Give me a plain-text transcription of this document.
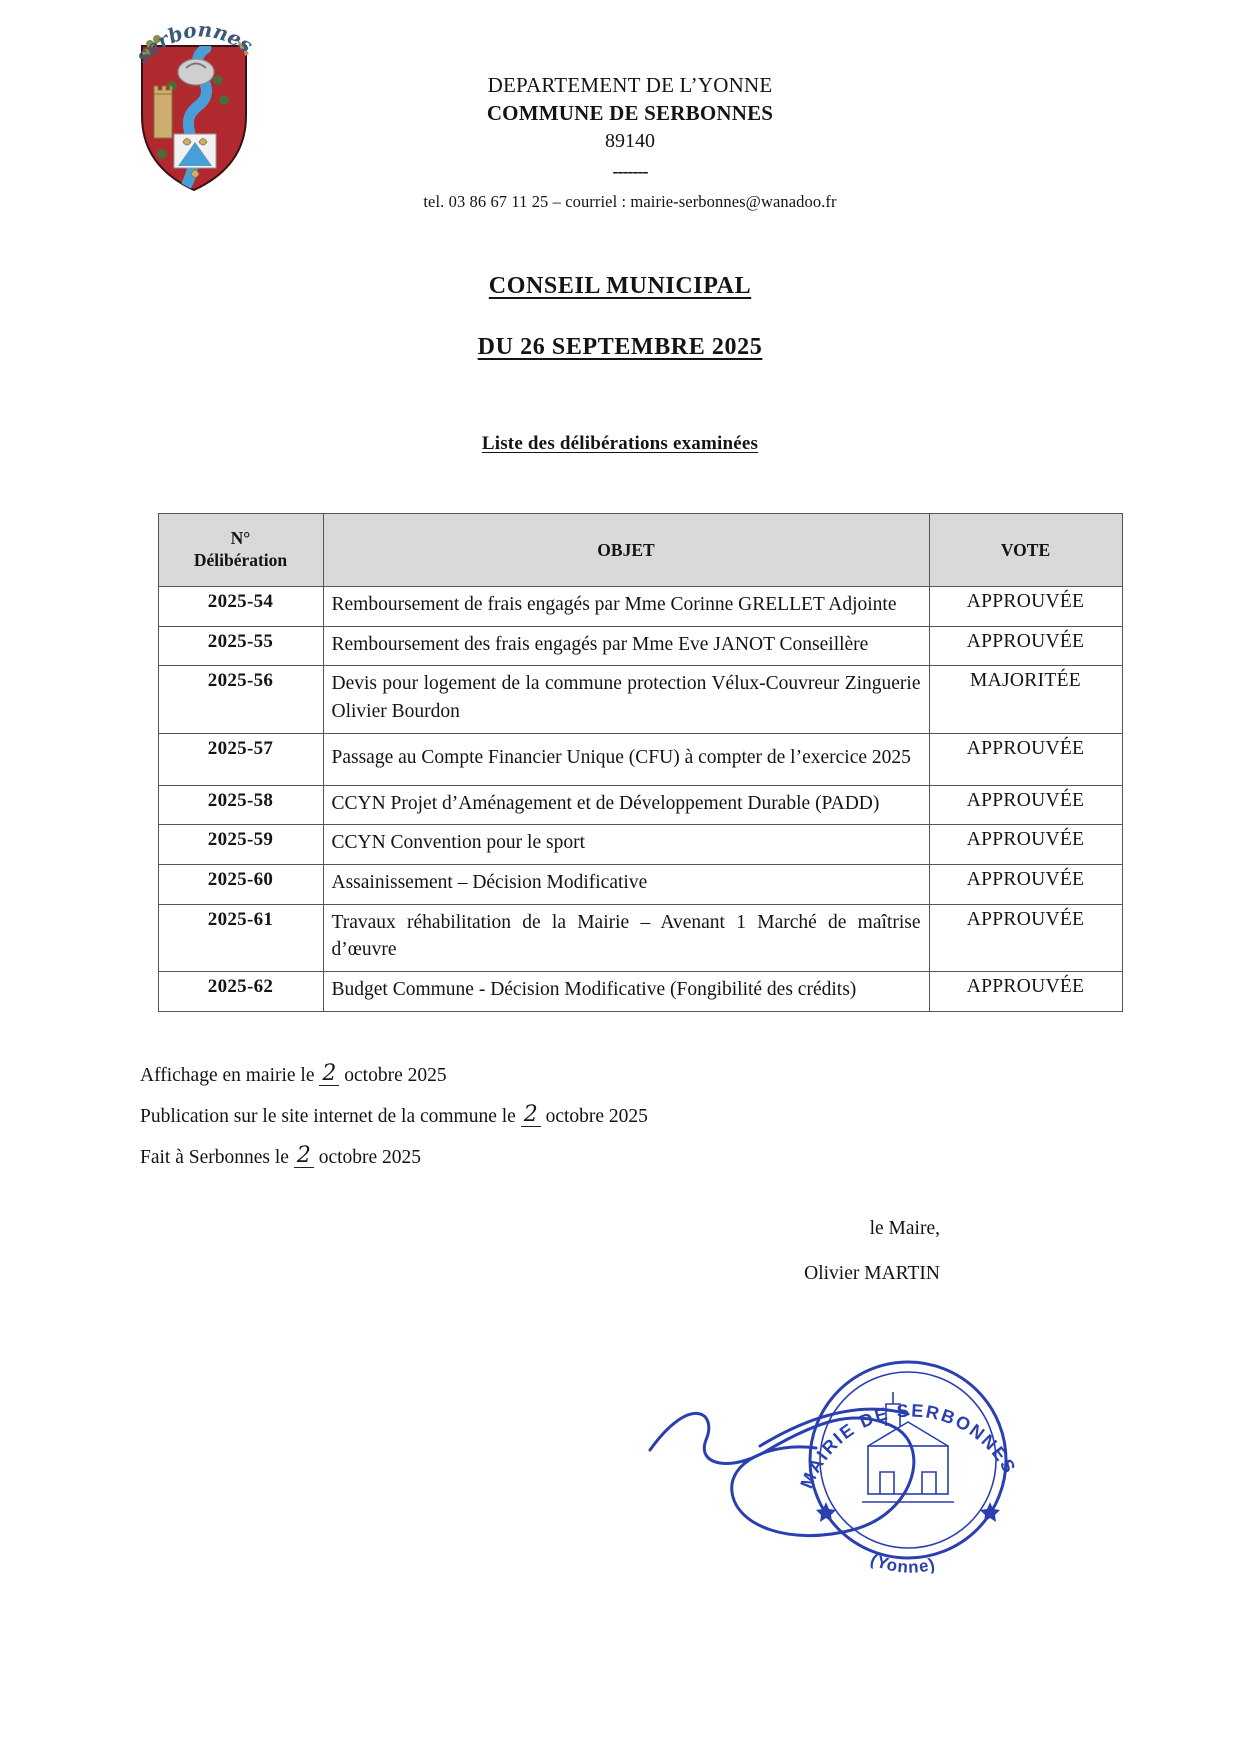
serbonnes
DEPARTEMENT DE L’YONNE
COMMUNE DE SERBONNES
89140
-------
tel. 03 86 67 11 25 – courriel : mairie-serbonnes@wanadoo.fr
CONSEIL MUNICIPAL
DU 26 SEPTEMBRE 2025
Liste des délibérations examinées
N°
Délibération	OBJET	VOTE
2025-54	Remboursement de frais engagés par Mme Corinne GRELLET Adjointe	APPROUVÉE
2025-55	Remboursement des frais engagés par Mme Eve JANOT Conseillère	APPROUVÉE
2025-56	Devis pour logement de la commune protection Vélux-Couvreur Zinguerie Olivier Bourdon	MAJORITÉE
2025-57	Passage au Compte Financier Unique (CFU) à compter de l’exercice 2025	APPROUVÉE
2025-58	CCYN Projet d’Aménagement et de Développement Durable (PADD)	APPROUVÉE
2025-59	CCYN Convention pour le sport	APPROUVÉE
2025-60	Assainissement – Décision Modificative	APPROUVÉE
2025-61	Travaux réhabilitation de la Mairie – Avenant 1 Marché de maîtrise d’œuvre	APPROUVÉE
2025-62	Budget Commune - Décision Modificative (Fongibilité des crédits)	APPROUVÉE
Affichage en mairie le 2 octobre 2025
Publication sur le site internet de la commune le 2 octobre 2025
Fait à Serbonnes le 2 octobre 2025
le Maire,
Olivier MARTIN
MAIRIE DE SERBONNES
(Yonne)
